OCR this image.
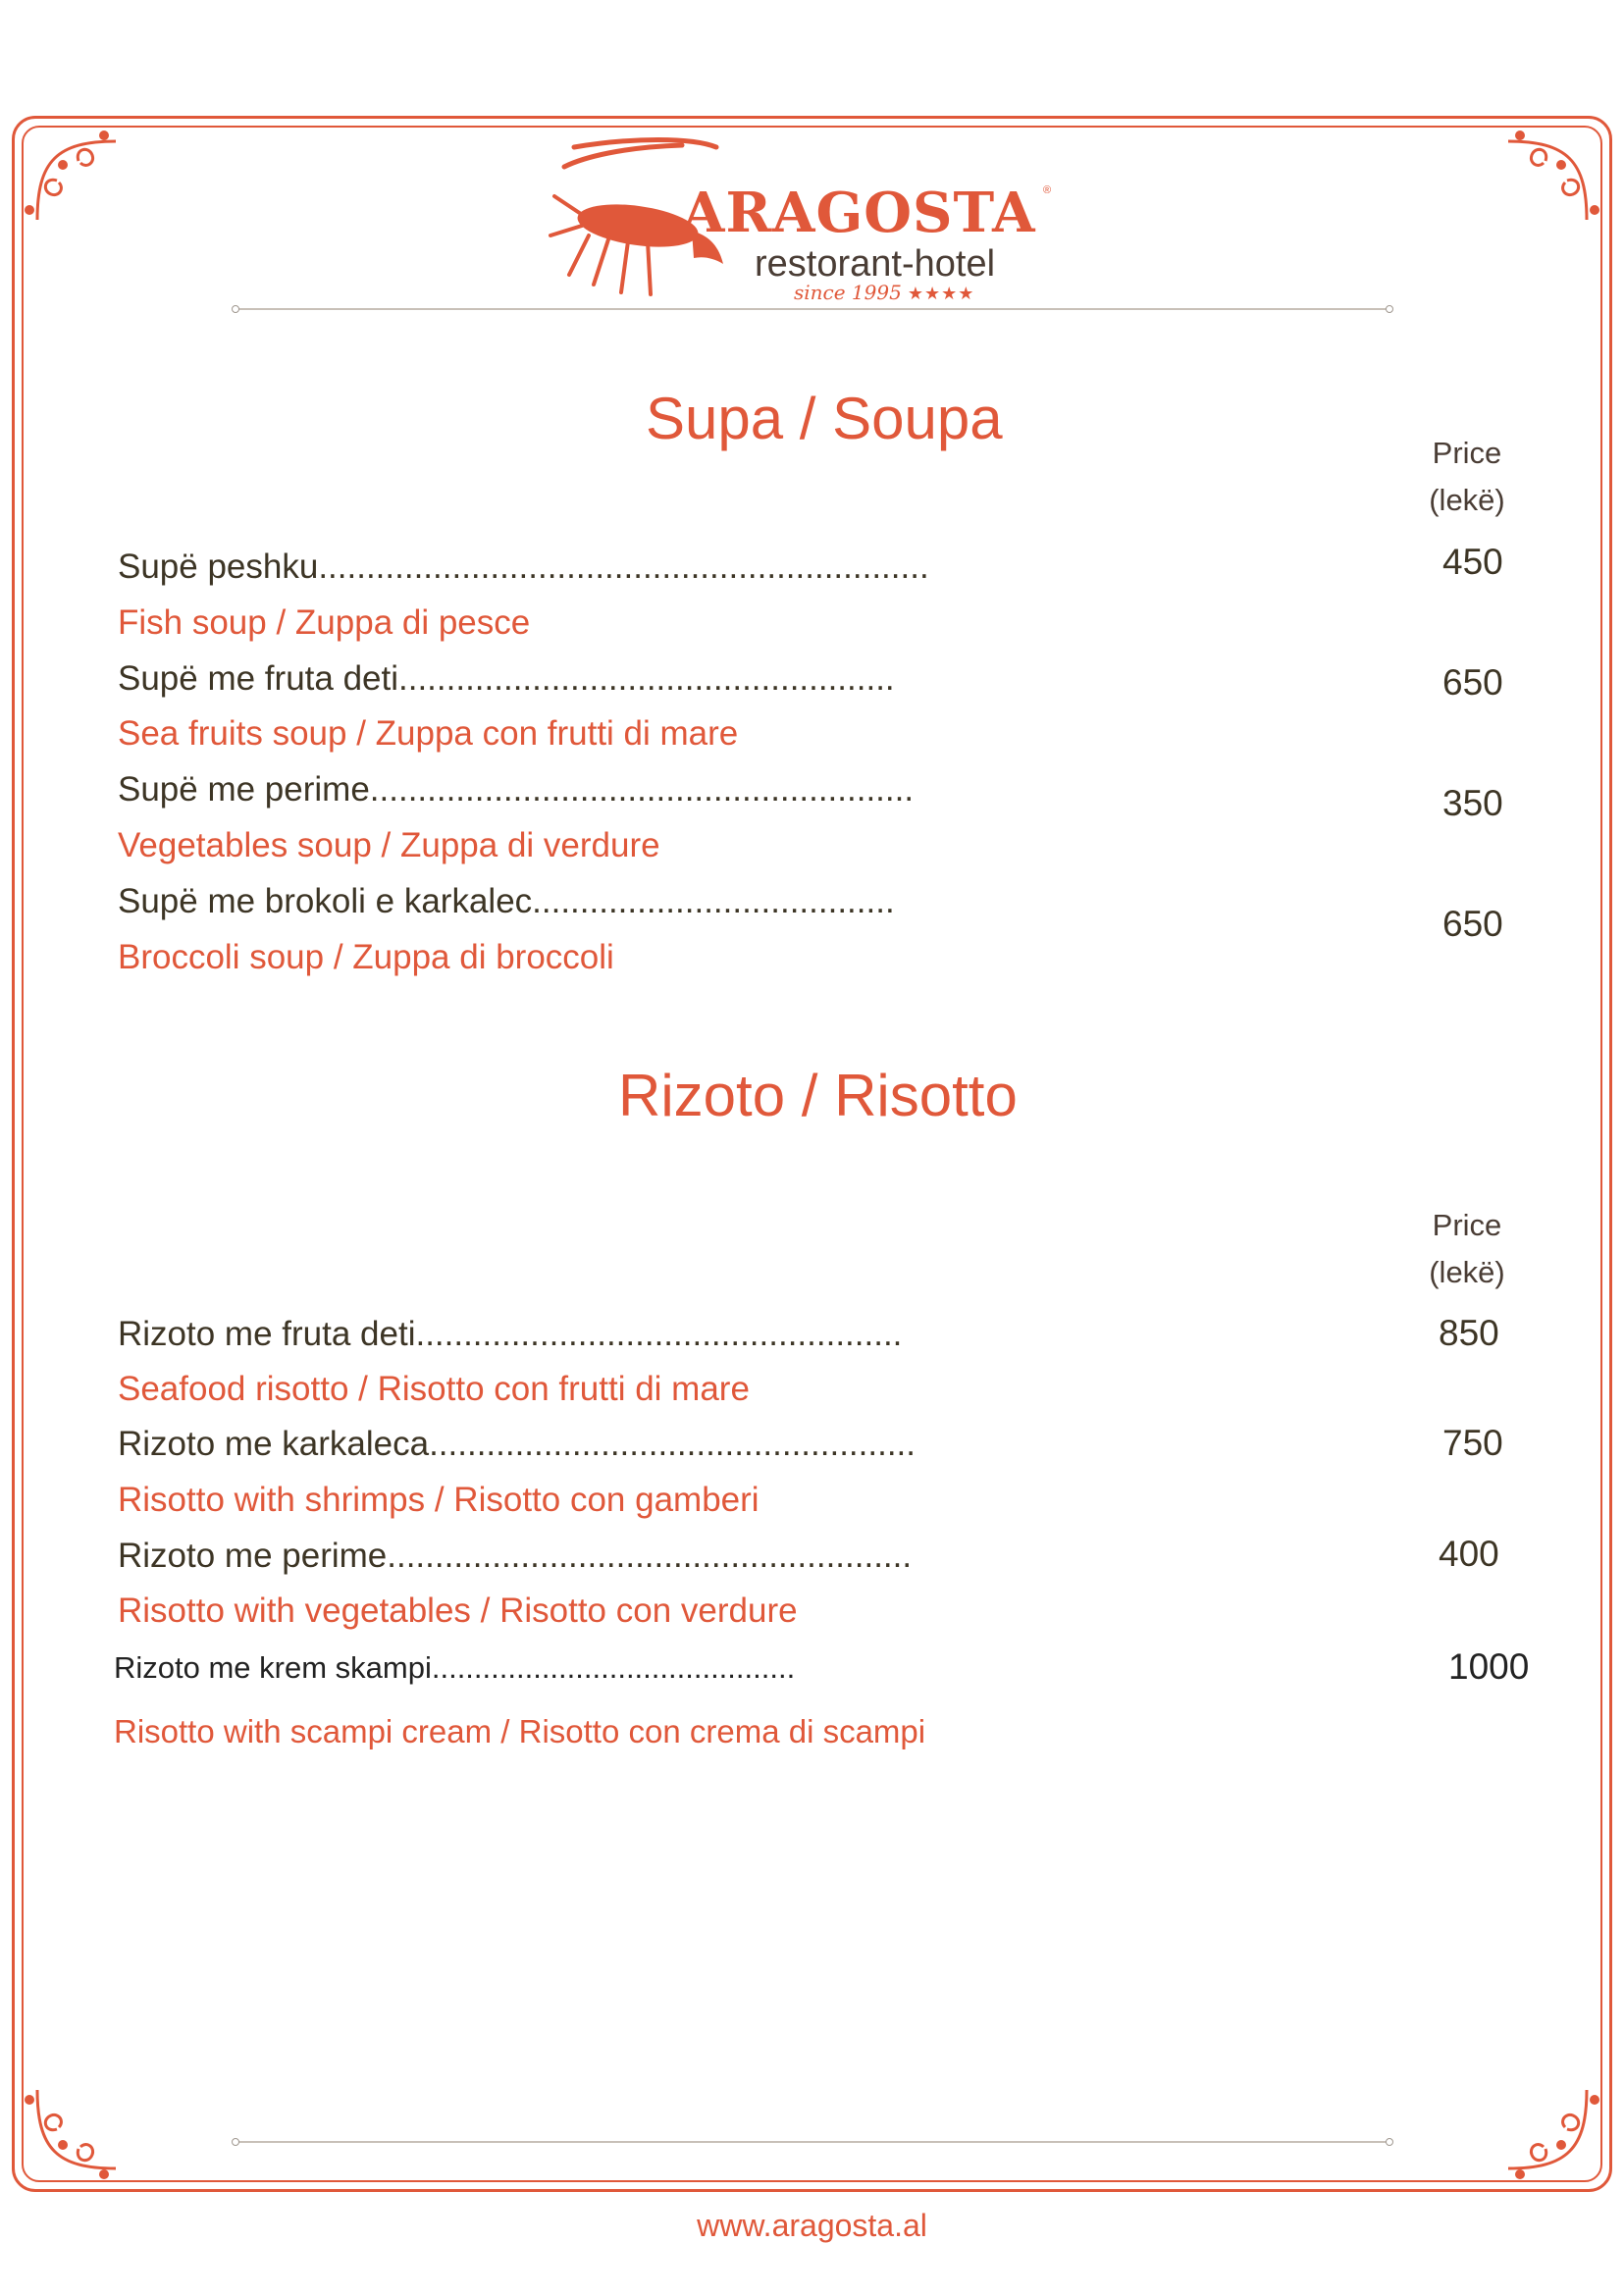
ARAGOSTA ®
restorant-hotel
since 1995 ★★★★
Supa / Soupa
Price
(lekë)
Supë peshku................................................................
Fish soup / Zuppa di pesce
450
Supë me fruta deti....................................................
Sea fruits soup / Zuppa con frutti di mare
650
Supë me perime.........................................................
Vegetables soup / Zuppa di verdure
350
Supë me brokoli e karkalec......................................
Broccoli soup / Zuppa di broccoli
650
Rizoto / Risotto
Price
(lekë)
Rizoto me fruta deti...................................................
Seafood risotto / Risotto con frutti di mare
850
Rizoto me karkaleca...................................................
Risotto with shrimps / Risotto con gamberi
750
Rizoto me perime.......................................................
Risotto with vegetables / Risotto con verdure
400
Rizoto me krem skampi...........................................
Risotto with scampi cream / Risotto con crema di scampi
1000
www.aragosta.al
